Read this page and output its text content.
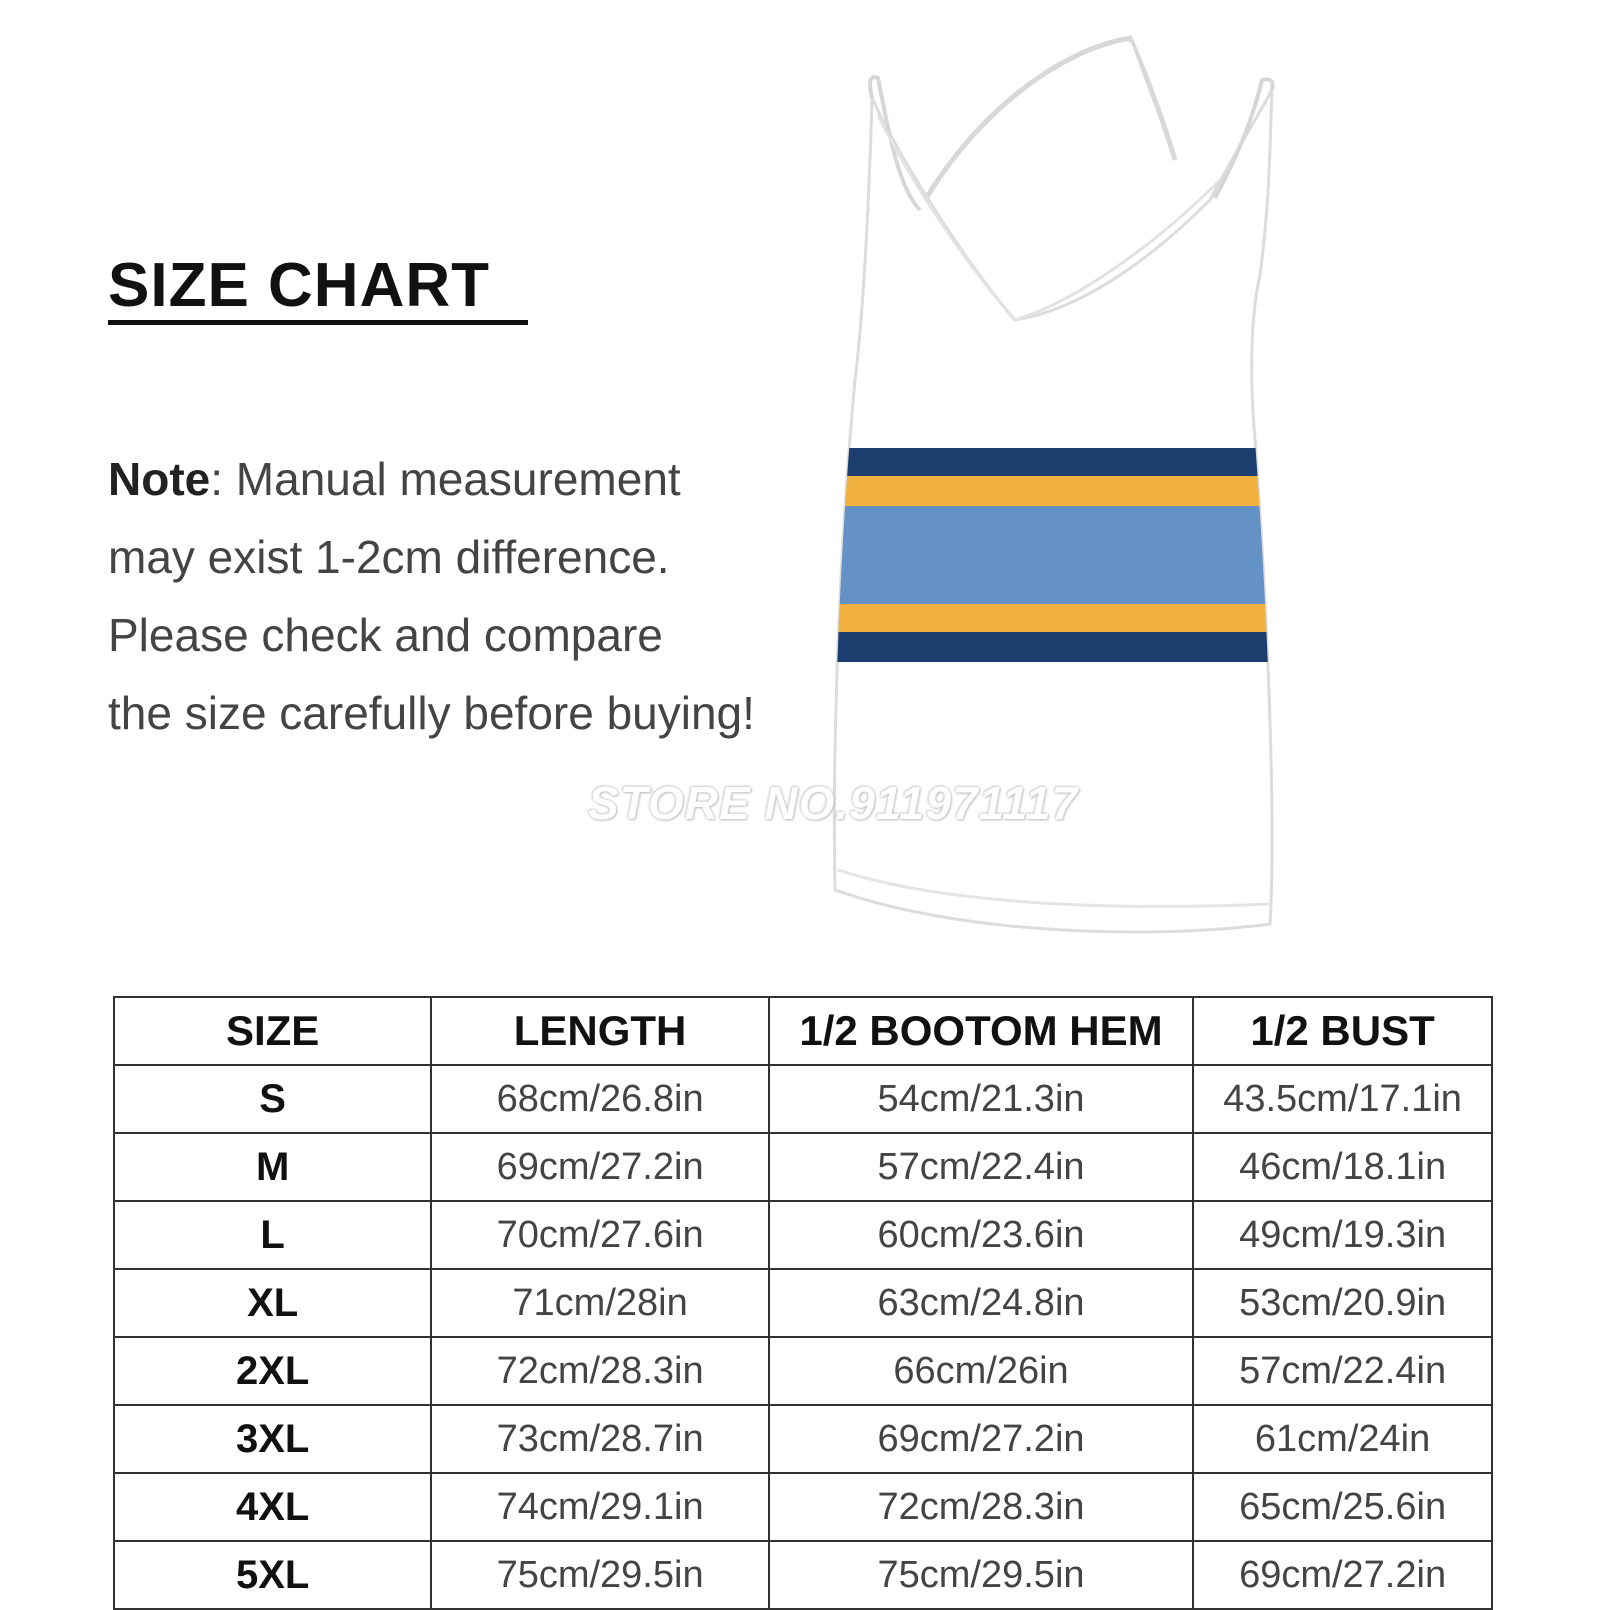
SIZE CHART
Note: Manual measurement
may exist 1-2cm difference.
Please check and compare
the size carefully before buying!
STORE NO.911971117
SIZE	LENGTH	1/2 BOOTOM HEM	1/2 BUST
S	68cm/26.8in	54cm/21.3in	43.5cm/17.1in
M	69cm/27.2in	57cm/22.4in	46cm/18.1in
L	70cm/27.6in	60cm/23.6in	49cm/19.3in
XL	71cm/28in	63cm/24.8in	53cm/20.9in
2XL	72cm/28.3in	66cm/26in	57cm/22.4in
3XL	73cm/28.7in	69cm/27.2in	61cm/24in
4XL	74cm/29.1in	72cm/28.3in	65cm/25.6in
5XL	75cm/29.5in	75cm/29.5in	69cm/27.2in
